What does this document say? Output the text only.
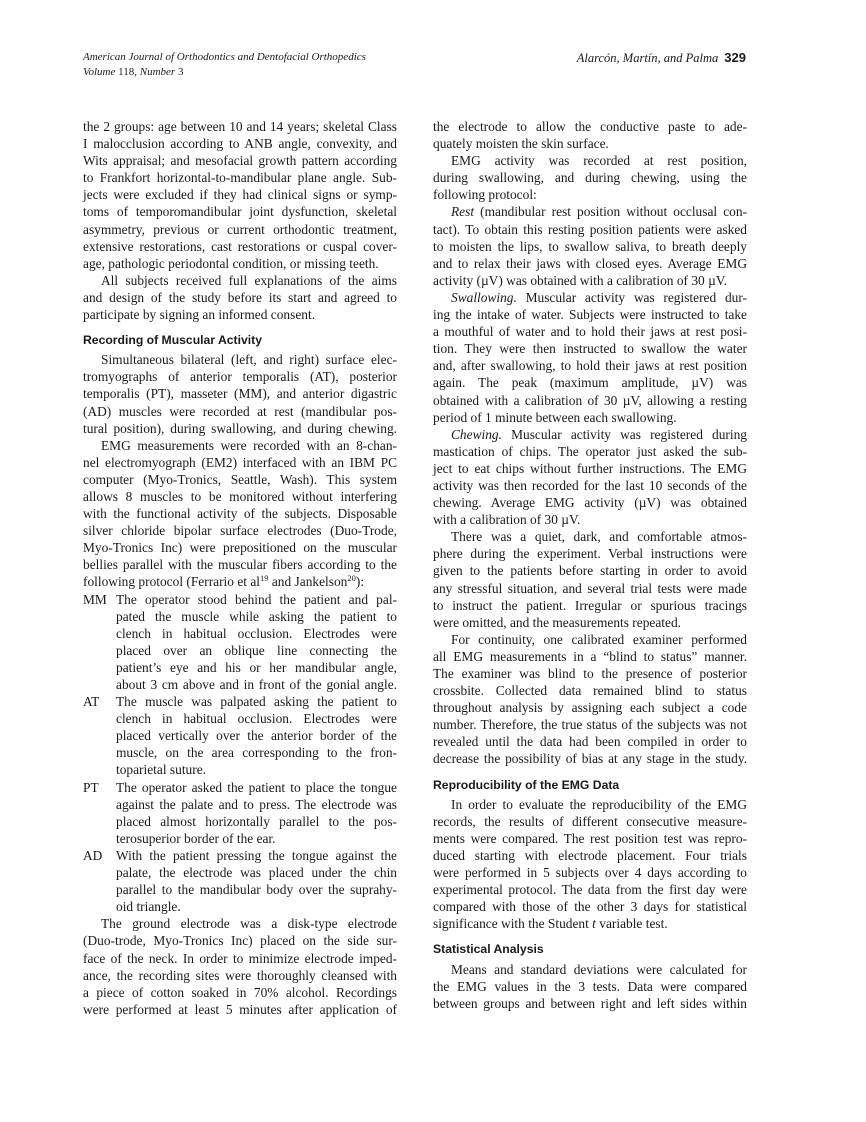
American Journal of Orthodontics and Dentofacial Orthopedics
Volume 118, Number 3
Alarcón, Martín, and Palma 329
the 2 groups: age between 10 and 14 years; skeletal Class
I malocclusion according to ANB angle, convexity, and
Wits appraisal; and mesofacial growth pattern according
to Frankfort horizontal-to-mandibular plane angle. Sub-
jects were excluded if they had clinical signs or symp-
toms of temporomandibular joint dysfunction, skeletal
asymmetry, previous or current orthodontic treatment,
extensive restorations, cast restorations or cuspal cover-
age, pathologic periodontal condition, or missing teeth.
All subjects received full explanations of the aims
and design of the study before its start and agreed to
participate by signing an informed consent.
Recording of Muscular Activity
Simultaneous bilateral (left, and right) surface elec-
tromyographs of anterior temporalis (AT), posterior
temporalis (PT), masseter (MM), and anterior digastric
(AD) muscles were recorded at rest (mandibular pos-
tural position), during swallowing, and during chewing.
EMG measurements were recorded with an 8-chan-
nel electromyograph (EM2) interfaced with an IBM PC
computer (Myo-Tronics, Seattle, Wash). This system
allows 8 muscles to be monitored without interfering
with the functional activity of the subjects. Disposable
silver chloride bipolar surface electrodes (Duo-Trode,
Myo-Tronics Inc) were prepositioned on the muscular
bellies parallel with the muscular fibers according to the
following protocol (Ferrario et $al^{19}$ and Jankelson$^{20}$):
MM The operator stood behind the patient and pal-
pated the muscle while asking the patient to
clench in habitual occlusion. Electrodes were
placed over an oblique line connecting the
patient’s eye and his or her mandibular angle,
about 3 cm above and in front of the gonial angle.
AT The muscle was palpated asking the patient to
clench in habitual occlusion. Electrodes were
placed vertically over the anterior border of the
muscle, on the area corresponding to the fron-
toparietal suture.
PT The operator asked the patient to place the tongue
against the palate and to press. The electrode was
placed almost horizontally parallel to the pos-
terosuperior border of the ear.
AD With the patient pressing the tongue against the
palate, the electrode was placed under the chin
parallel to the mandibular body over the suprahy-
oid triangle.
The ground electrode was a disk-type electrode
(Duo-trode, Myo-Tronics Inc) placed on the side sur-
face of the neck. In order to minimize electrode imped-
ance, the recording sites were thoroughly cleansed with
a piece of cotton soaked in 70% alcohol. Recordings
were performed at least 5 minutes after application of
the electrode to allow the conductive paste to ade-
quately moisten the skin surface.
EMG activity was recorded at rest position,
during swallowing, and during chewing, using the
following protocol:
Rest (mandibular rest position without occlusal con-
tact). To obtain this resting position patients were asked
to moisten the lips, to swallow saliva, to breath deeply
and to relax their jaws with closed eyes. Average EMG
activity (µV) was obtained with a calibration of 30 µV.
Swallowing. Muscular activity was registered dur-
ing the intake of water. Subjects were instructed to take
a mouthful of water and to hold their jaws at rest posi-
tion. They were then instructed to swallow the water
and, after swallowing, to hold their jaws at rest position
again. The peak (maximum amplitude, µV) was
obtained with a calibration of 30 µV, allowing a resting
period of 1 minute between each swallowing.
Chewing. Muscular activity was registered during
mastication of chips. The operator just asked the sub-
ject to eat chips without further instructions. The EMG
activity was then recorded for the last 10 seconds of the
chewing. Average EMG activity (µV) was obtained
with a calibration of 30 µV.
There was a quiet, dark, and comfortable atmos-
phere during the experiment. Verbal instructions were
given to the patients before starting in order to avoid
any stressful situation, and several trial tests were made
to instruct the patient. Irregular or spurious tracings
were omitted, and the measurements repeated.
For continuity, one calibrated examiner performed
all EMG measurements in a “blind to status” manner.
The examiner was blind to the presence of posterior
crossbite. Collected data remained blind to status
throughout analysis by assigning each subject a code
number. Therefore, the true status of the subjects was not
revealed until the data had been compiled in order to
decrease the possibility of bias at any stage in the study.
Reproducibility of the EMG Data
In order to evaluate the reproducibility of the EMG
records, the results of different consecutive measure-
ments were compared. The rest position test was repro-
duced starting with electrode placement. Four trials
were performed in 5 subjects over 4 days according to
experimental protocol. The data from the first day were
compared with those of the other 3 days for statistical
significance with the Student t variable test.
Statistical Analysis
Means and standard deviations were calculated for
the EMG values in the 3 tests. Data were compared
between groups and between right and left sides within
